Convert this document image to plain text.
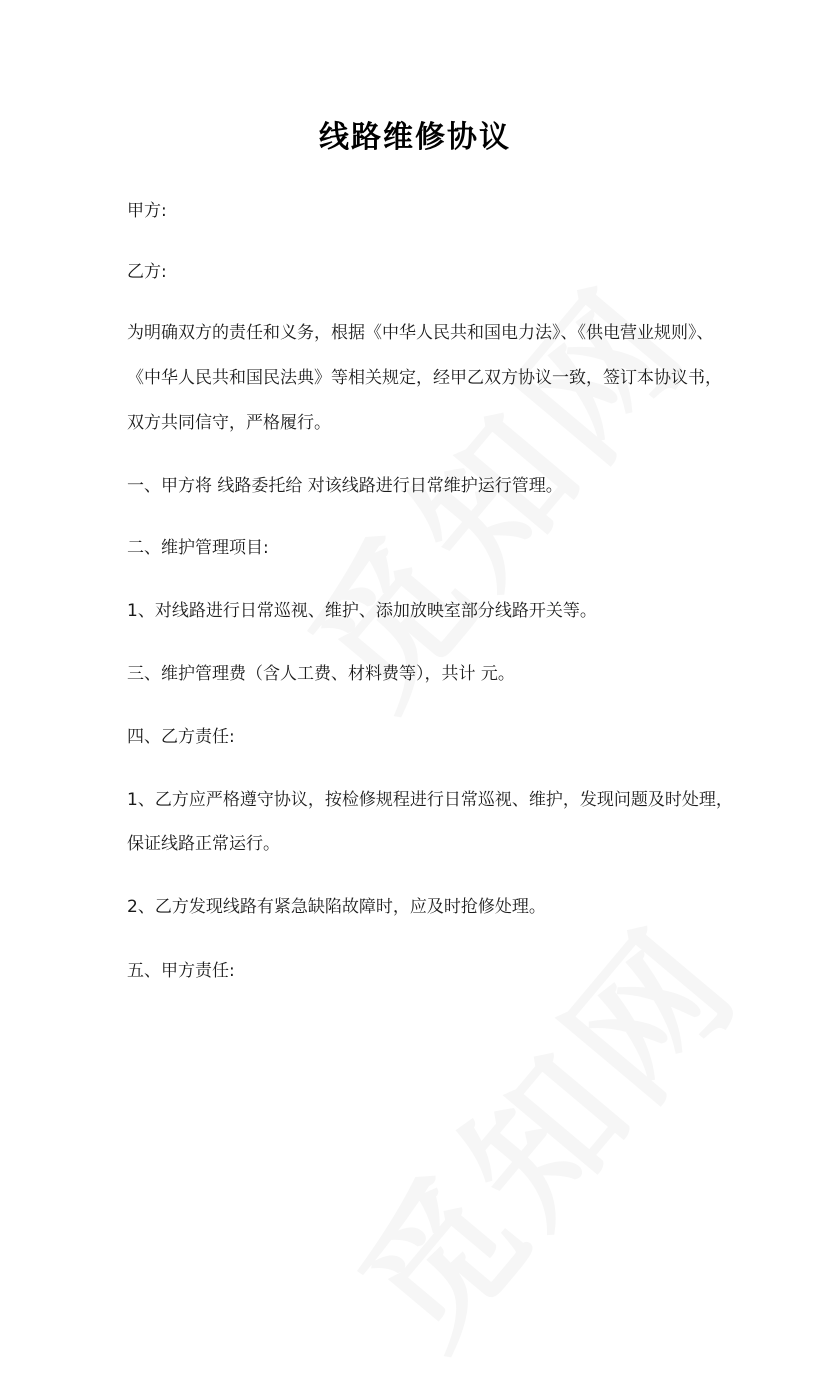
线路维修协议

甲方:

乙方:

为明确双方的责任和义务，根据《中华人民共和国电力法》、《供电营业规则》、

《中华人民共和国民法典》等相关规定，经甲乙双方协议一致，签订本协议书，

双方共同信守，严格履行。

一、甲方将 线路委托给 对该线路进行日常维护运行管理。

二、维护管理项目:

1、对线路进行日常巡视、维护、添加放映室部分线路开关等。

三、维护管理费（含人工费、材料费等），共计 元。

四、乙方责任:

1、乙方应严格遵守协议，按检修规程进行日常巡视、维护，发现问题及时处理，

保证线路正常运行。

2、乙方发现线路有紧急缺陷故障时，应及时抢修处理。

五、甲方责任:
